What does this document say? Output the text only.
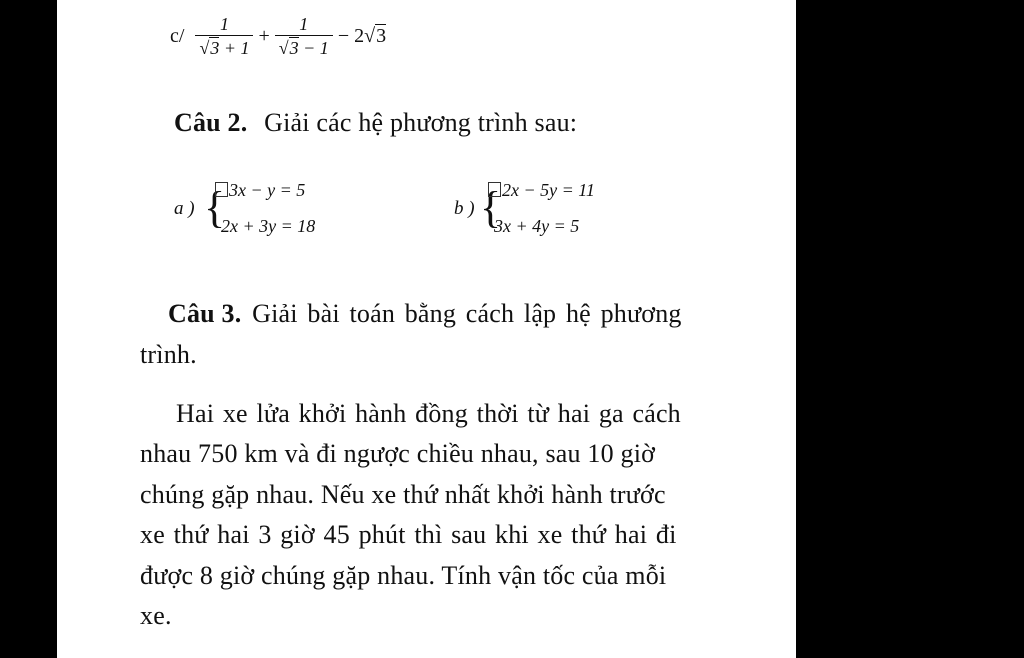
$c/ \frac{1}{√3 + 1} + \frac{1}{√3 - 1} - 2√3$
Câu 2. Giải các hệ phương trình sau:
a ) { 3x − y = 5
2x + 3y = 18
b ) { 2x − 5y = 11
3x + 4y = 5
Câu 3. Giải bài toán bằng cách lập hệ phương
trình.
Hai xe lửa khởi hành đồng thời từ hai ga cách
nhau 750 km và đi ngược chiều nhau, sau 10 giờ
chúng gặp nhau. Nếu xe thứ nhất khởi hành trước
xe thứ hai 3 giờ 45 phút thì sau khi xe thứ hai đi
được 8 giờ chúng gặp nhau. Tính vận tốc của mỗi
xe.
